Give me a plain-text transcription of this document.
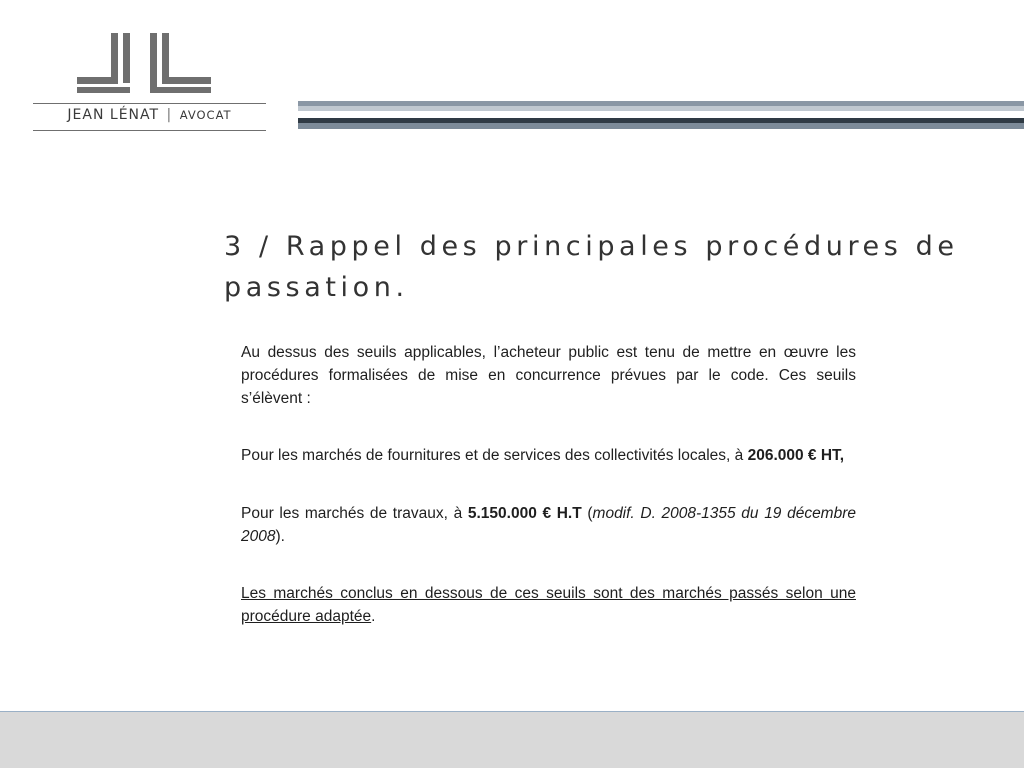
JEAN LÉNAT | AVOCAT
3 / Rappel des principales procédures de passation.

Au dessus des seuils applicables, l’acheteur public est tenu de mettre en œuvre les procédures formalisées de mise en concurrence prévues par le code. Ces seuils s’élèvent :

Pour les marchés de fournitures et de services des collectivités locales, à 206.000 € HT,

Pour les marchés de travaux, à 5.150.000 € H.T (modif. D. 2008-1355 du 19 décembre 2008).

Les marchés conclus en dessous de ces seuils sont des marchés passés selon une procédure adaptée.
